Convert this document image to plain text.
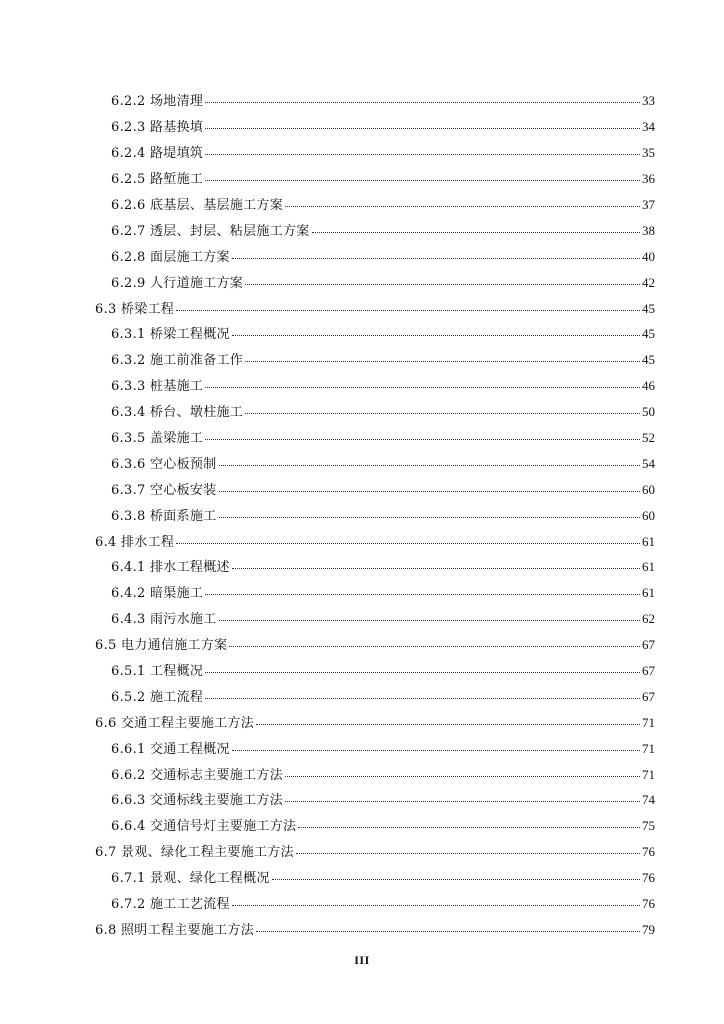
6.2.2 场地清理	33
6.2.3 路基换填	34
6.2.4 路堤填筑	35
6.2.5 路堑施工	36
6.2.6 底基层、基层施工方案	37
6.2.7 透层、封层、粘层施工方案	38
6.2.8 面层施工方案	40
6.2.9 人行道施工方案	42
6.3 桥梁工程	45
6.3.1 桥梁工程概况	45
6.3.2 施工前准备工作	45
6.3.3 桩基施工	46
6.3.4 桥台、墩柱施工	50
6.3.5 盖梁施工	52
6.3.6 空心板预制	54
6.3.7 空心板安装	60
6.3.8 桥面系施工	60
6.4 排水工程	61
6.4.1 排水工程概述	61
6.4.2 暗渠施工	61
6.4.3 雨污水施工	62
6.5 电力通信施工方案	67
6.5.1 工程概况	67
6.5.2 施工流程	67
6.6 交通工程主要施工方法	71
6.6.1 交通工程概况	71
6.6.2 交通标志主要施工方法	71
6.6.3 交通标线主要施工方法	74
6.6.4 交通信号灯主要施工方法	75
6.7 景观、绿化工程主要施工方法	76
6.7.1 景观、绿化工程概况	76
6.7.2 施工工艺流程	76
6.8 照明工程主要施工方法	79
III
